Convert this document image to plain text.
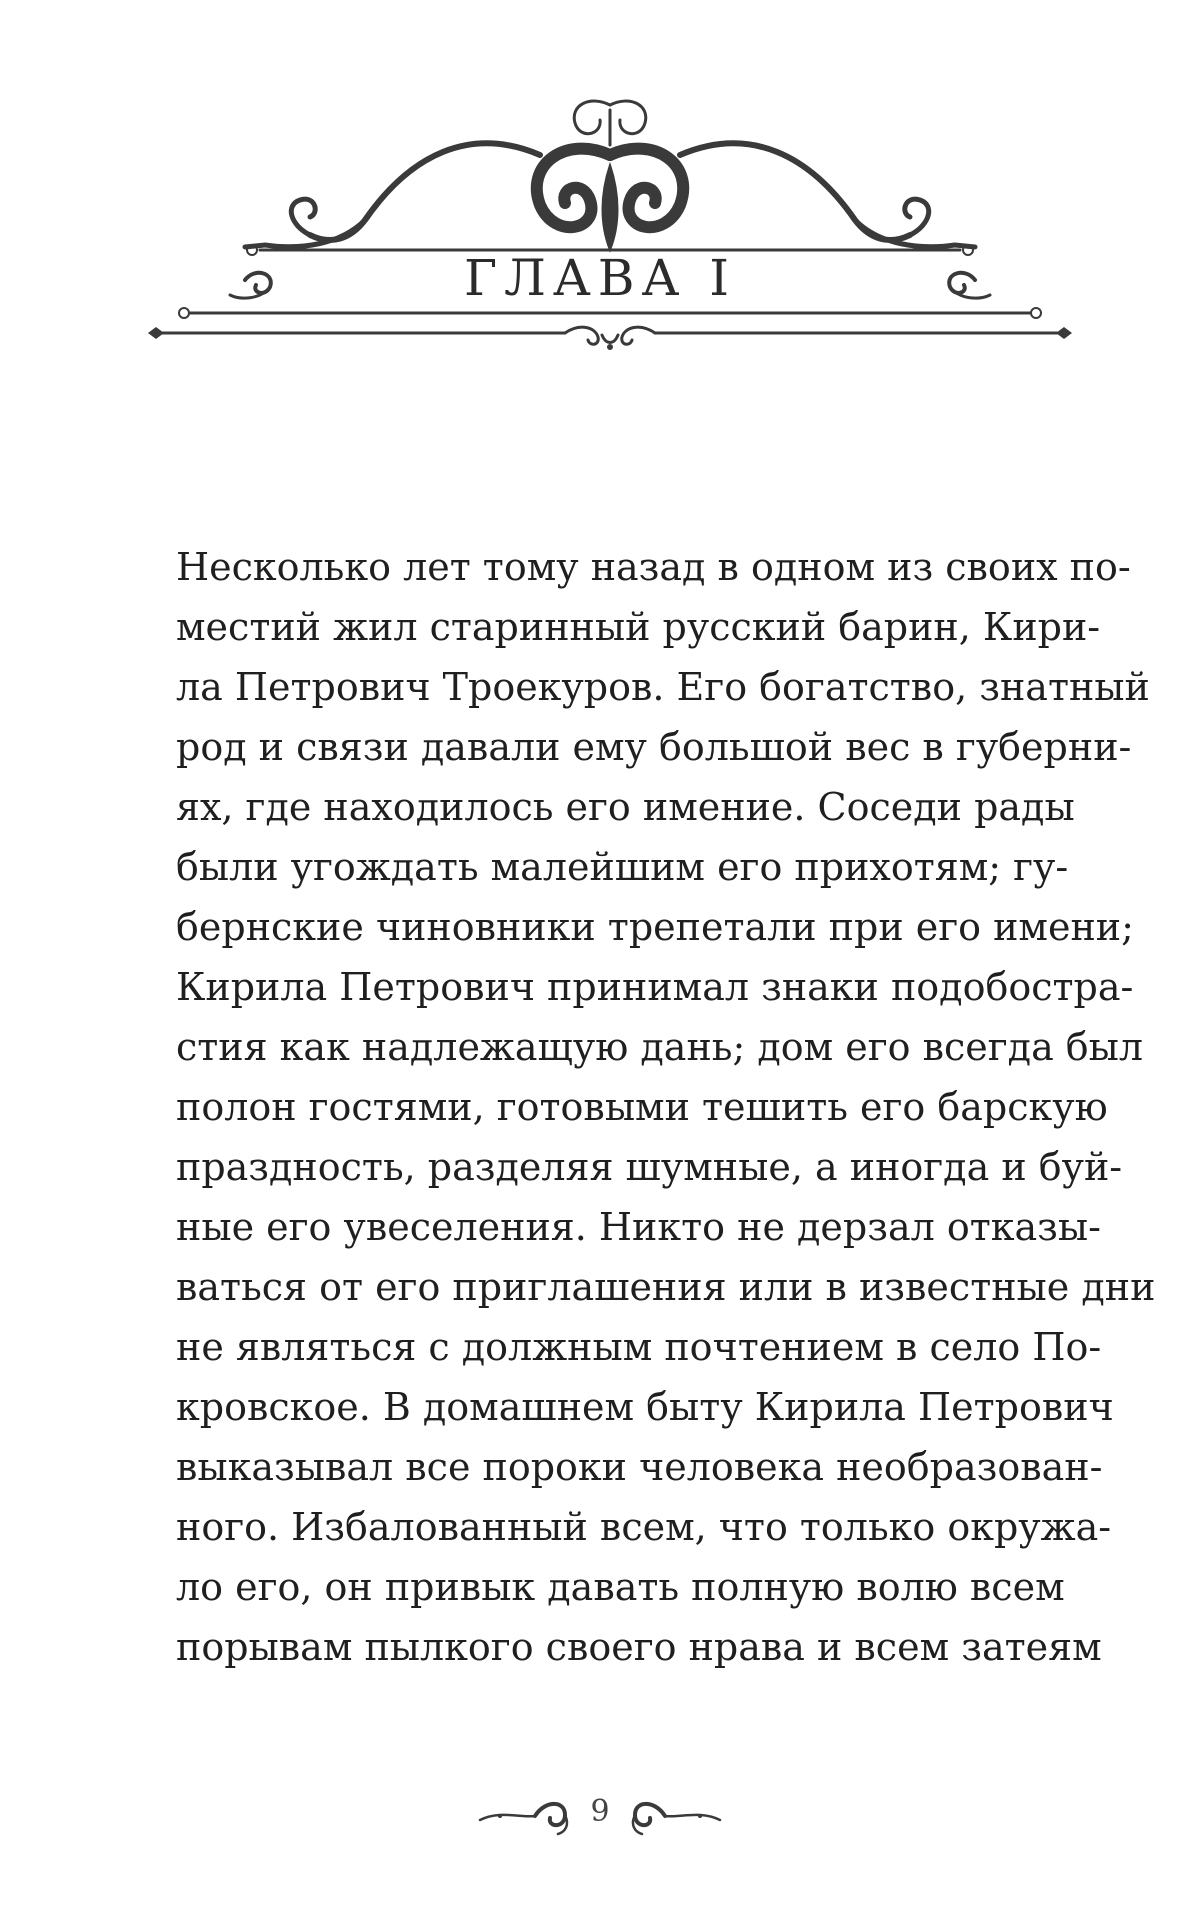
ГЛАВА I
Несколько лет тому назад в одном из своих по-
местий жил старинный русский барин, Кири-
ла Петрович Троекуров. Его богатство, знатный
род и связи давали ему большой вес в губерни-
ях, где находилось его имение. Соседи рады
были угождать малейшим его прихотям; гу-
бернские чиновники трепетали при его имени;
Кирила Петрович принимал знаки подобостра-
стия как надлежащую дань; дом его всегда был
полон гостями, готовыми тешить его барскую
праздность, разделяя шумные, а иногда и буй-
ные его увеселения. Никто не дерзал отказы-
ваться от его приглашения или в известные дни
не являться с должным почтением в село По-
кровское. В домашнем быту Кирила Петрович
выказывал все пороки человека необразован-
ного. Избалованный всем, что только окружа-
ло его, он привык давать полную волю всем
порывам пылкого своего нрава и всем затеям
9
